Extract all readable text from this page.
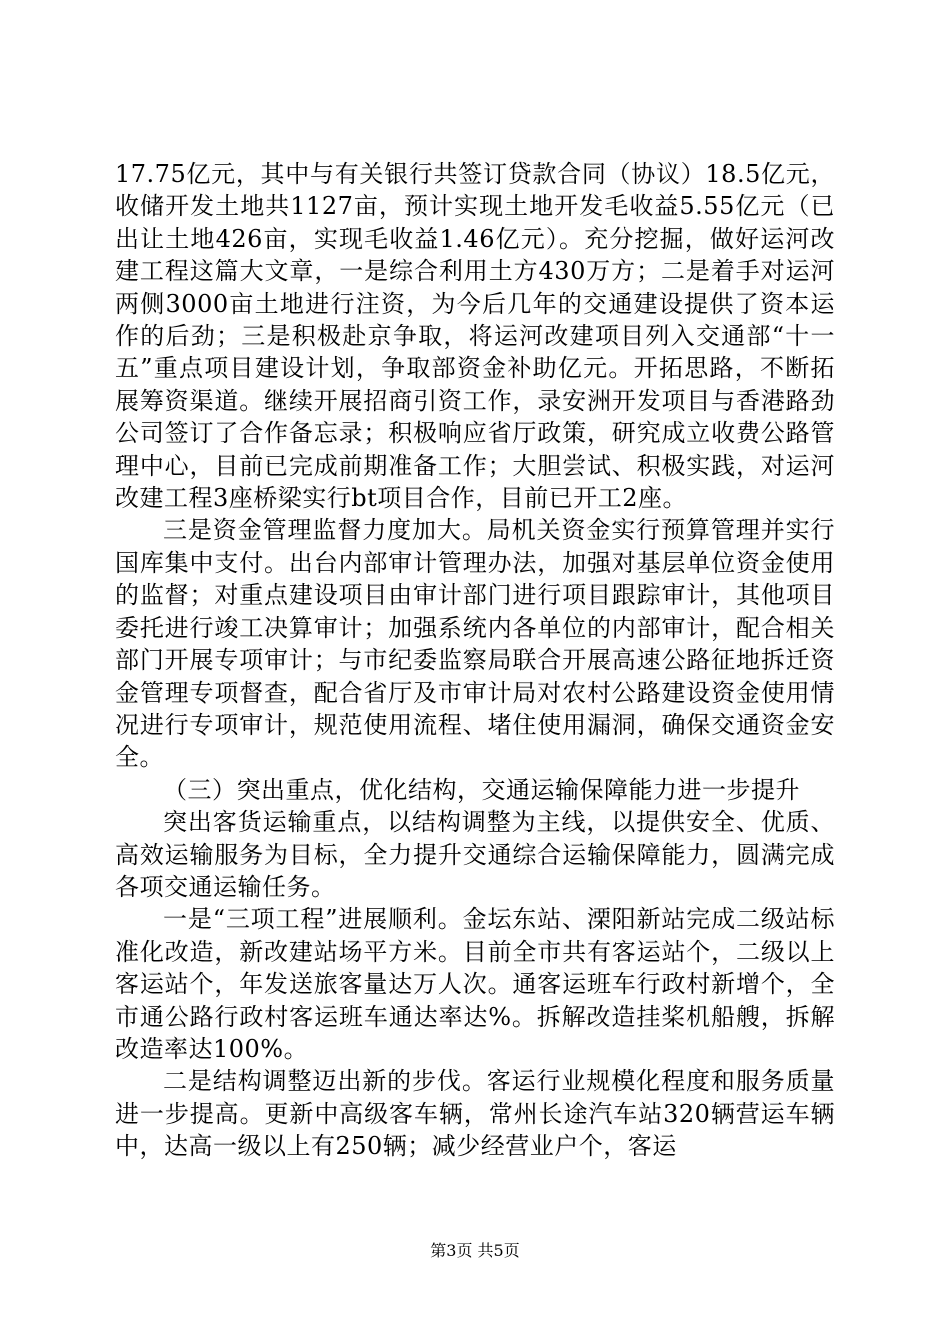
17.75亿元，其中与有关银行共签订贷款合同（协议）18.5亿元，收储开发土地共1127亩，预计实现土地开发毛收益5.55亿元（已出让土地426亩，实现毛收益1.46亿元）。充分挖掘，做好运河改建工程这篇大文章，一是综合利用土方430万方；二是着手对运河两侧3000亩土地进行注资，为今后几年的交通建设提供了资本运作的后劲；三是积极赴京争取，将运河改建项目列入交通部“十一五”重点项目建设计划，争取部资金补助亿元。开拓思路，不断拓展筹资渠道。继续开展招商引资工作，录安洲开发项目与香港路劲公司签订了合作备忘录；积极响应省厅政策，研究成立收费公路管理中心，目前已完成前期准备工作；大胆尝试、积极实践，对运河改建工程3座桥梁实行bt项目合作，目前已开工2座。

三是资金管理监督力度加大。局机关资金实行预算管理并实行国库集中支付。出台内部审计管理办法，加强对基层单位资金使用的监督；对重点建设项目由审计部门进行项目跟踪审计，其他项目委托进行竣工决算审计；加强系统内各单位的内部审计，配合相关部门开展专项审计；与市纪委监察局联合开展高速公路征地拆迁资金管理专项督查，配合省厅及市审计局对农村公路建设资金使用情况进行专项审计，规范使用流程、堵住使用漏洞，确保交通资金安全。

（三）突出重点，优化结构，交通运输保障能力进一步提升

突出客货运输重点，以结构调整为主线，以提供安全、优质、高效运输服务为目标，全力提升交通综合运输保障能力，圆满完成各项交通运输任务。

一是“三项工程”进展顺利。金坛东站、溧阳新站完成二级站标准化改造，新改建站场平方米。目前全市共有客运站个，二级以上客运站个，年发送旅客量达万人次。通客运班车行政村新增个，全市通公路行政村客运班车通达率达%。拆解改造挂桨机船艘，拆解改造率达100%。

二是结构调整迈出新的步伐。客运行业规模化程度和服务质量进一步提高。更新中高级客车辆，常州长途汽车站320辆营运车辆中，达高一级以上有250辆；减少经营业户个，客运

第3页 共5页
